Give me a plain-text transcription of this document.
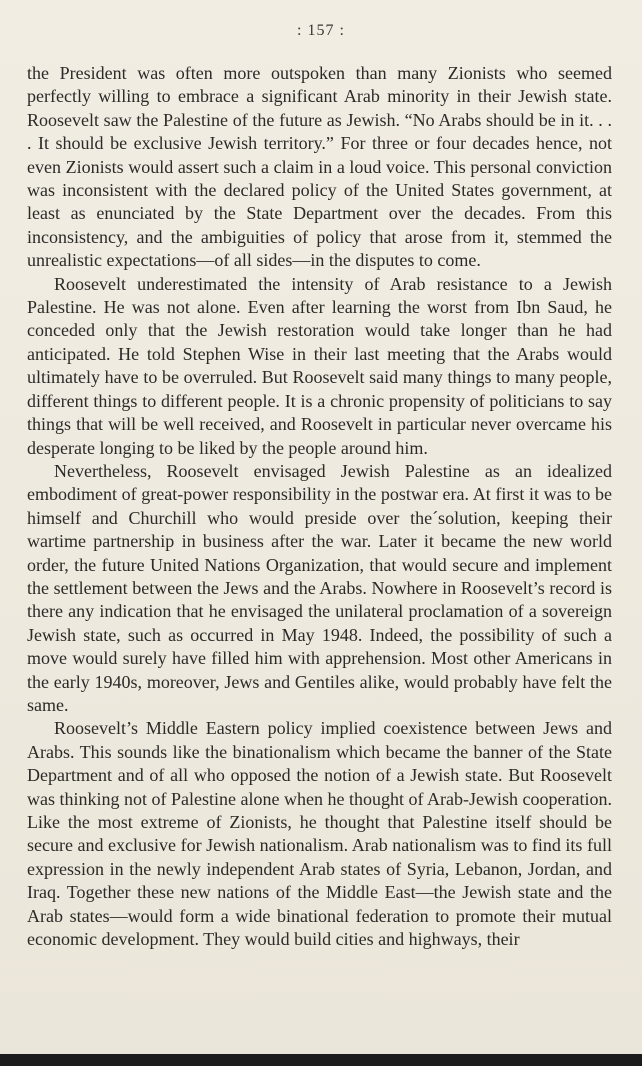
: 157 :

the President was often more outspoken than many Zionists who seemed perfectly willing to embrace a significant Arab minority in their Jewish state. Roosevelt saw the Palestine of the future as Jewish. “No Arabs should be in it. . . . It should be exclusive Jewish territory.” For three or four decades hence, not even Zionists would assert such a claim in a loud voice. This personal conviction was inconsistent with the declared policy of the United States government, at least as enunciated by the State Department over the decades. From this inconsistency, and the ambiguities of policy that arose from it, stemmed the unrealistic expectations—of all sides—in the disputes to come.

Roosevelt underestimated the intensity of Arab resistance to a Jewish Palestine. He was not alone. Even after learning the worst from Ibn Saud, he conceded only that the Jewish restoration would take longer than he had anticipated. He told Stephen Wise in their last meeting that the Arabs would ultimately have to be overruled. But Roosevelt said many things to many people, different things to different people. It is a chronic propensity of politicians to say things that will be well received, and Roosevelt in particular never overcame his desperate longing to be liked by the people around him.

Nevertheless, Roosevelt envisaged Jewish Palestine as an idealized embodiment of great-power responsibility in the postwar era. At first it was to be himself and Churchill who would preside over the´solution, keeping their wartime partnership in business after the war. Later it became the new world order, the future United Nations Organization, that would secure and implement the settlement between the Jews and the Arabs. Nowhere in Roosevelt’s record is there any indication that he envisaged the unilateral proclamation of a sovereign Jewish state, such as occurred in May 1948. Indeed, the possibility of such a move would surely have filled him with apprehension. Most other Americans in the early 1940s, moreover, Jews and Gentiles alike, would probably have felt the same.

Roosevelt’s Middle Eastern policy implied coexistence between Jews and Arabs. This sounds like the binationalism which became the banner of the State Department and of all who opposed the notion of a Jewish state. But Roosevelt was thinking not of Palestine alone when he thought of Arab-Jewish cooperation. Like the most extreme of Zionists, he thought that Palestine itself should be secure and exclusive for Jewish nationalism. Arab nationalism was to find its full expression in the newly independent Arab states of Syria, Lebanon, Jordan, and Iraq. Together these new nations of the Middle East—the Jewish state and the Arab states—would form a wide binational federation to promote their mutual economic development. They would build cities and highways, their
